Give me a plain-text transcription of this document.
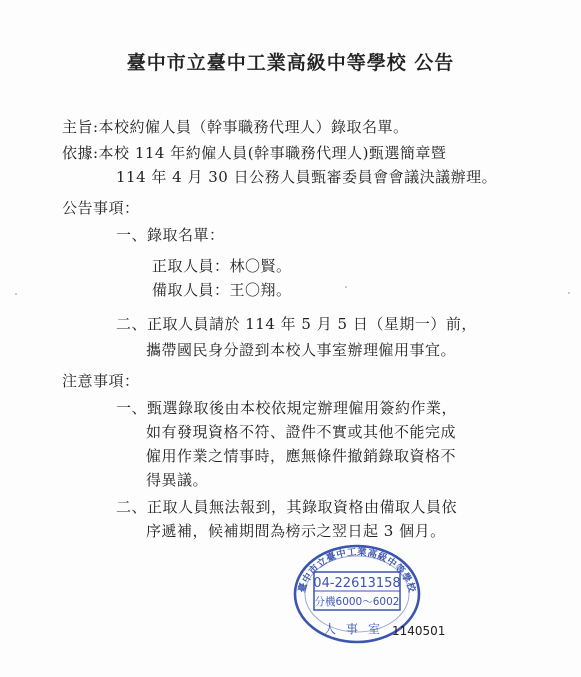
臺中市立臺中工業高級中等學校 公告
主旨:本校約僱人員（幹事職務代理人）錄取名單。
依據:本校 114 年約僱人員(幹事職務代理人)甄選簡章暨
114 年 4 月 30 日公務人員甄審委員會會議決議辦理。
公告事項：
一、錄取名單：
正取人員：林〇賢。
備取人員：王〇翔。
二、正取人員請於 114 年 5 月 5 日（星期一）前，
攜帶國民身分證到本校人事室辦理僱用事宜。
注意事項：
一、甄選錄取後由本校依規定辦理僱用簽約作業，
如有發現資格不符、證件不實或其他不能完成
僱用作業之情事時，應無條件撤銷錄取資格不
得異議。
二、正取人員無法報到，其錄取資格由備取人員依
序遞補，候補期間為榜示之翌日起 3 個月。
臺中市立臺中工業高級中等學校
04-22613158
分機6000～6002
人事室 1140501
